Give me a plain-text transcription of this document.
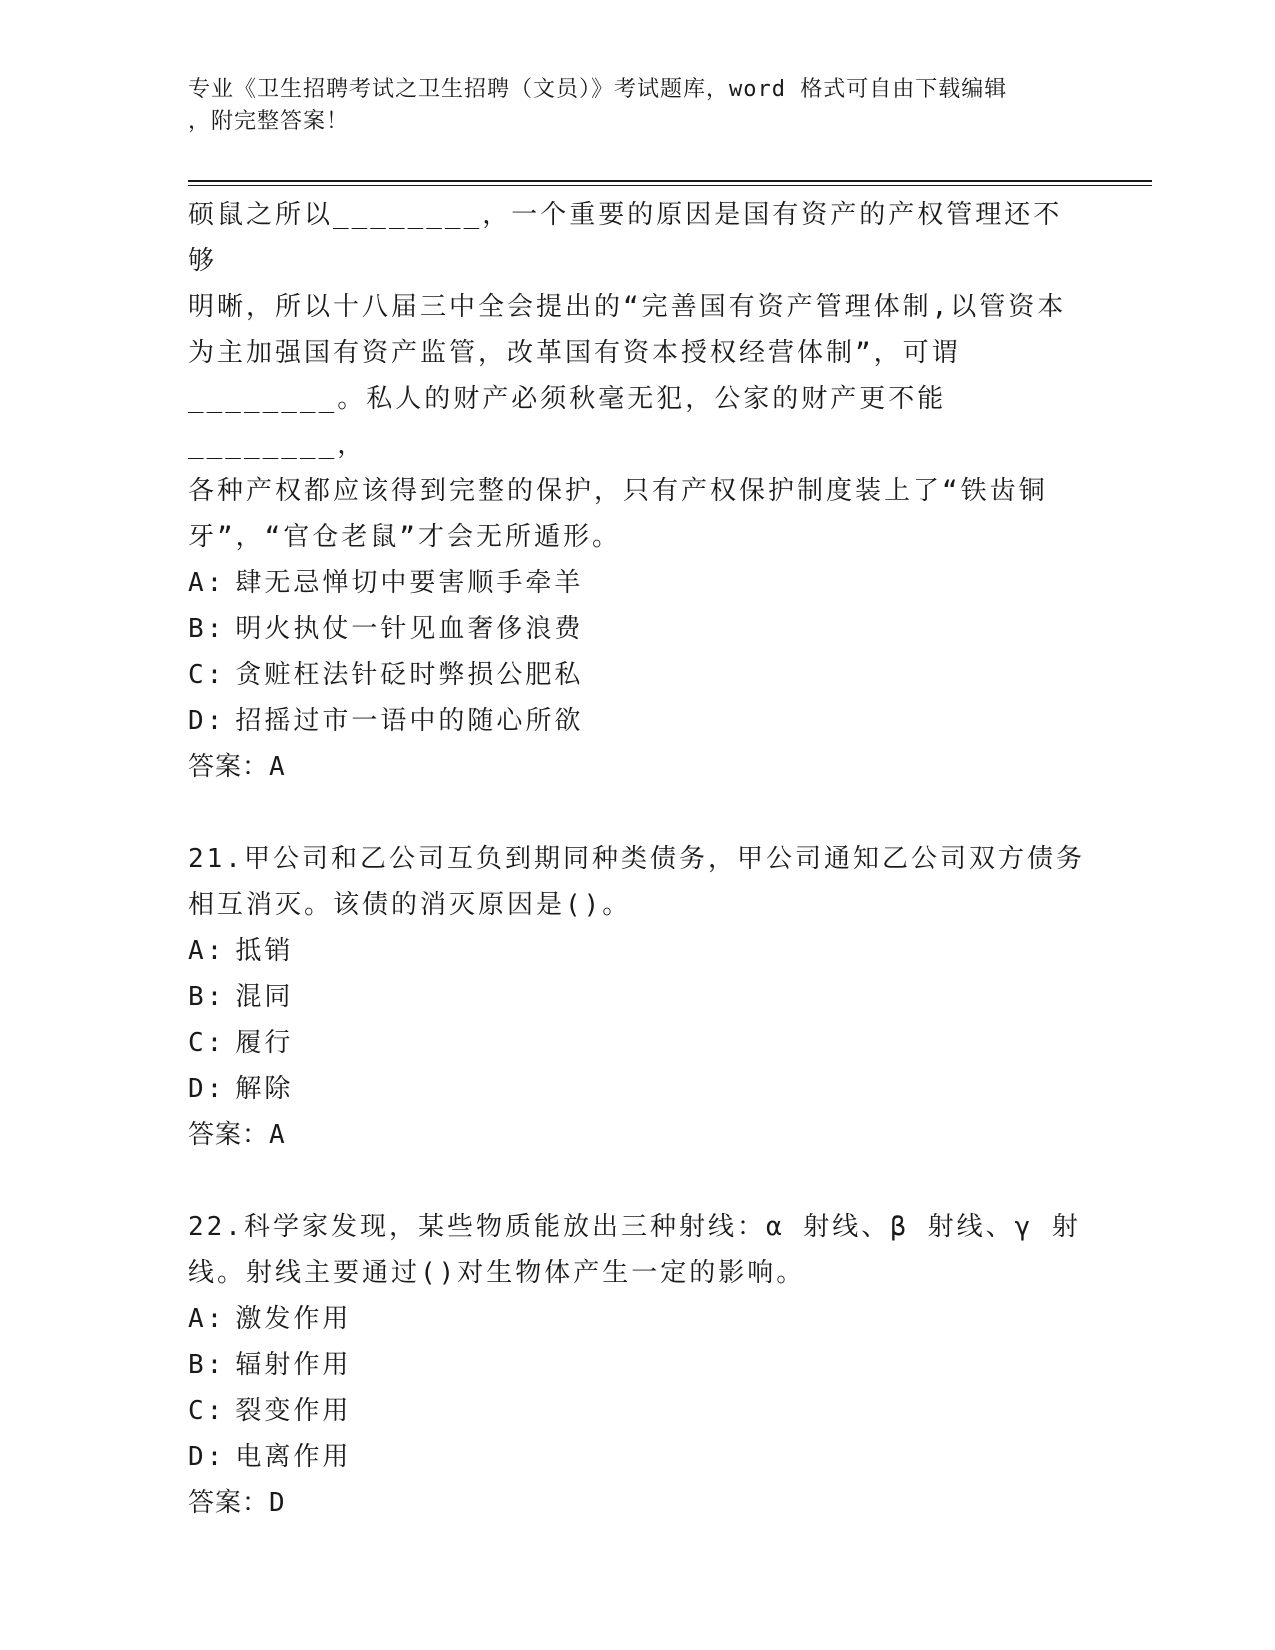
专业《卫生招聘考试之卫生招聘（文员）》考试题库，word 格式可自由下载编辑
，附完整答案！

硕鼠之所以________，一个重要的原因是国有资产的产权管理还不够

明晰，所以十八届三中全会提出的“完善国有资产管理体制,以管资本

为主加强国有资产监管，改革国有资本授权经营体制”，可谓

________。私人的财产必须秋毫无犯，公家的财产更不能________，

各种产权都应该得到完整的保护，只有产权保护制度装上了“铁齿铜

牙”，“官仓老鼠”才会无所遁形。

A: 肆无忌惮切中要害顺手牵羊

B: 明火执仗一针见血奢侈浪费

C: 贪赃枉法针砭时弊损公肥私

D: 招摇过市一语中的随心所欲

答案：A

21.甲公司和乙公司互负到期同种类债务，甲公司通知乙公司双方债务

相互消灭。该债的消灭原因是()。

A: 抵销

B: 混同

C: 履行

D: 解除

答案：A

22.科学家发现，某些物质能放出三种射线：α 射线、β 射线、γ 射

线。射线主要通过()对生物体产生一定的影响。

A: 激发作用

B: 辐射作用

C: 裂变作用

D: 电离作用

答案：D
